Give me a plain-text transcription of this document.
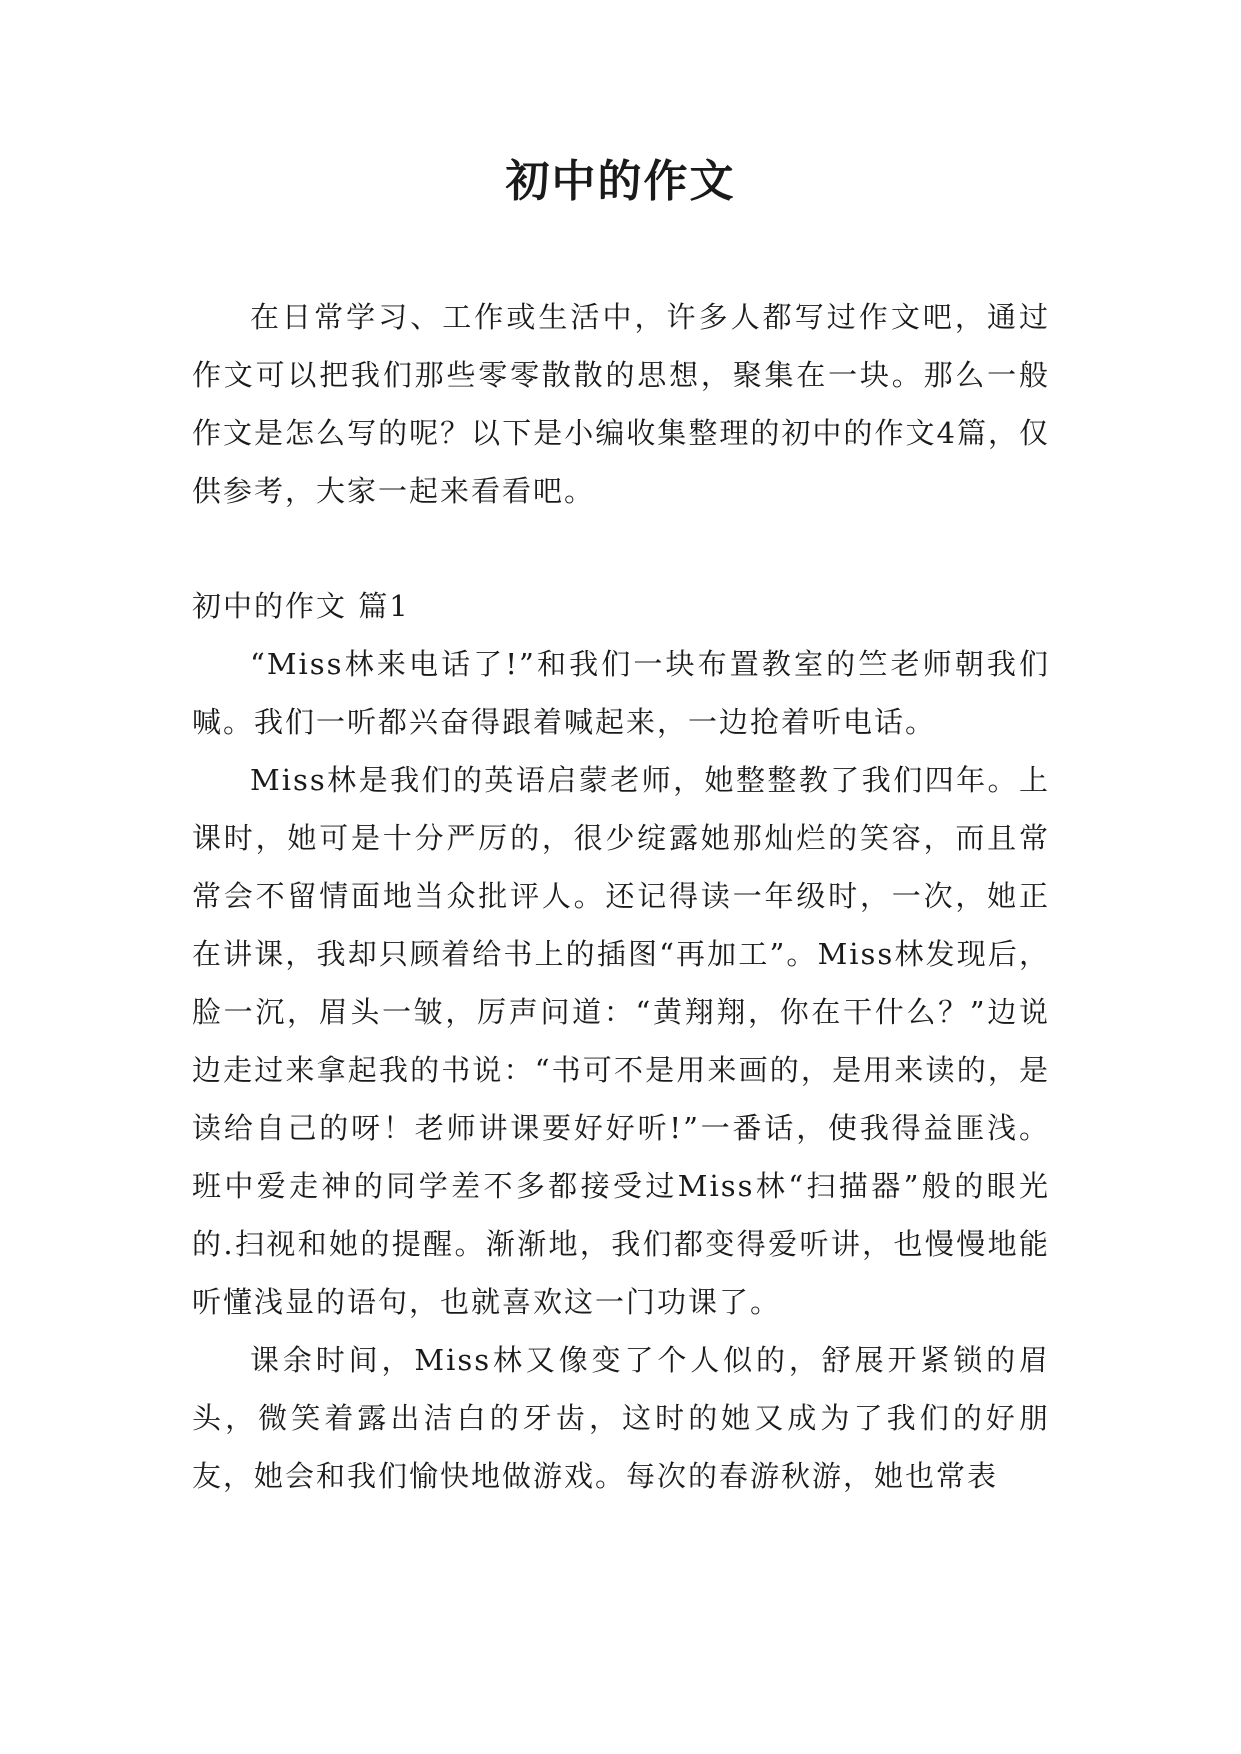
初中的作文

在日常学习、工作或生活中，许多人都写过作文吧，通过作文可以把我们那些零零散散的思想，聚集在一块。那么一般作文是怎么写的呢？以下是小编收集整理的初中的作文4篇，仅供参考，大家一起来看看吧。

初中的作文 篇1

“Miss林来电话了!”和我们一块布置教室的竺老师朝我们喊。我们一听都兴奋得跟着喊起来，一边抢着听电话。

Miss林是我们的英语启蒙老师，她整整教了我们四年。上课时，她可是十分严厉的，很少绽露她那灿烂的笑容，而且常常会不留情面地当众批评人。还记得读一年级时，一次，她正在讲课，我却只顾着给书上的插图“再加工”。Miss林发现后，脸一沉，眉头一皱，厉声问道：“黄翔翔，你在干什么？”边说边走过来拿起我的书说：“书可不是用来画的，是用来读的，是读给自己的呀！老师讲课要好好听!”一番话，使我得益匪浅。班中爱走神的同学差不多都接受过Miss林“扫描器”般的眼光的.扫视和她的提醒。渐渐地，我们都变得爱听讲，也慢慢地能听懂浅显的语句，也就喜欢这一门功课了。

课余时间，Miss林又像变了个人似的，舒展开紧锁的眉头，微笑着露出洁白的牙齿，这时的她又成为了我们的好朋友，她会和我们愉快地做游戏。每次的春游秋游，她也常表
